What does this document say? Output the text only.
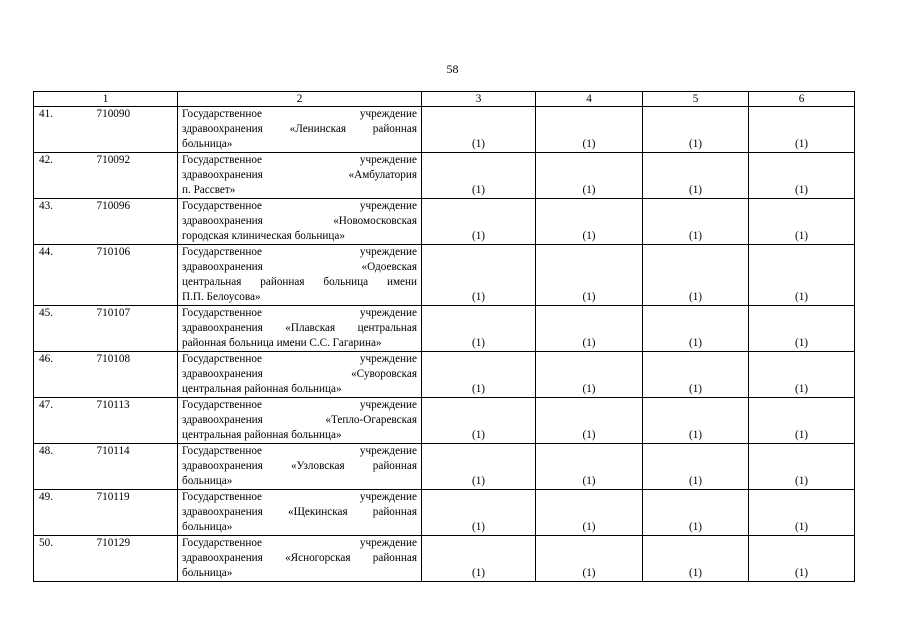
58
1		2	3	4	5	6
41.	710090	Государственное учреждение
здравоохранения «Ленинская районная
больница»	(1)	(1)	(1)	(1)
42.	710092	Государственное учреждение
здравоохранения «Амбулатория
п. Рассвет»	(1)	(1)	(1)	(1)
43.	710096	Государственное учреждение
здравоохранения «Новомосковская
городская клиническая больница»	(1)	(1)	(1)	(1)
44.	710106	Государственное учреждение
здравоохранения «Одоевская
центральная районная больница имени
П.П. Белоусова»	(1)	(1)	(1)	(1)
45.	710107	Государственное учреждение
здравоохранения «Плавская центральная
районная больница имени С.С. Гагарина»	(1)	(1)	(1)	(1)
46.	710108	Государственное учреждение
здравоохранения «Суворовская
центральная районная больница»	(1)	(1)	(1)	(1)
47.	710113	Государственное учреждение
здравоохранения «Тепло-Огаревская
центральная районная больница»	(1)	(1)	(1)	(1)
48.	710114	Государственное учреждение
здравоохранения «Узловская районная
больница»	(1)	(1)	(1)	(1)
49.	710119	Государственное учреждение
здравоохранения «Щекинская районная
больница»	(1)	(1)	(1)	(1)
50.	710129	Государственное учреждение
здравоохранения «Ясногорская районная
больница»	(1)	(1)	(1)	(1)
